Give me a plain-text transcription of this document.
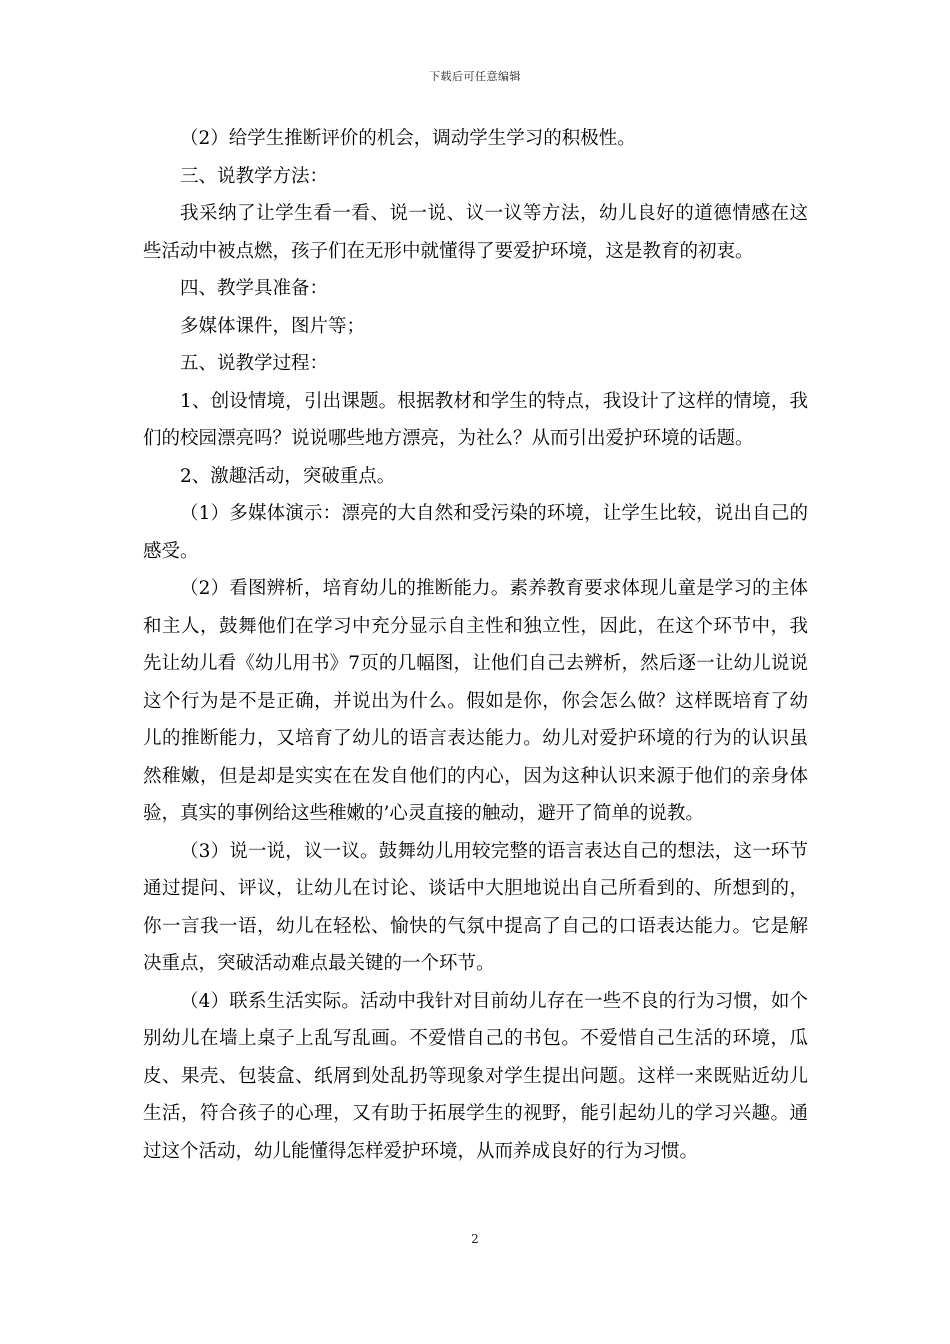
下载后可任意编辑

（2）给学生推断评价的机会，调动学生学习的积极性。

三、说教学方法：

我采纳了让学生看一看、说一说、议一议等方法，幼儿良好的道德情感在这些活动中被点燃，孩子们在无形中就懂得了要爱护环境，这是教育的初衷。

四、教学具准备：

多媒体课件，图片等；

五、说教学过程：

1、创设情境，引出课题。根据教材和学生的特点，我设计了这样的情境，我们的校园漂亮吗？说说哪些地方漂亮，为社么？从而引出爱护环境的话题。

2、激趣活动，突破重点。

（1）多媒体演示：漂亮的大自然和受污染的环境，让学生比较，说出自己的感受。

（2）看图辨析，培育幼儿的推断能力。素养教育要求体现儿童是学习的主体和主人，鼓舞他们在学习中充分显示自主性和独立性，因此，在这个环节中，我先让幼儿看《幼儿用书》7页的几幅图，让他们自己去辨析，然后逐一让幼儿说说这个行为是不是正确，并说出为什么。假如是你，你会怎么做？这样既培育了幼儿的推断能力，又培育了幼儿的语言表达能力。幼儿对爱护环境的行为的认识虽然稚嫩，但是却是实实在在发自他们的内心，因为这种认识来源于他们的亲身体验，真实的事例给这些稚嫩的’心灵直接的触动，避开了简单的说教。

（3）说一说，议一议。鼓舞幼儿用较完整的语言表达自己的想法，这一环节通过提问、评议，让幼儿在讨论、谈话中大胆地说出自己所看到的、所想到的，你一言我一语，幼儿在轻松、愉快的气氛中提高了自己的口语表达能力。它是解决重点，突破活动难点最关键的一个环节。

（4）联系生活实际。活动中我针对目前幼儿存在一些不良的行为习惯，如个别幼儿在墙上桌子上乱写乱画。不爱惜自己的书包。不爱惜自己生活的环境，瓜皮、果壳、包装盒、纸屑到处乱扔等现象对学生提出问题。这样一来既贴近幼儿生活，符合孩子的心理，又有助于拓展学生的视野，能引起幼儿的学习兴趣。通过这个活动，幼儿能懂得怎样爱护环境，从而养成良好的行为习惯。

2
